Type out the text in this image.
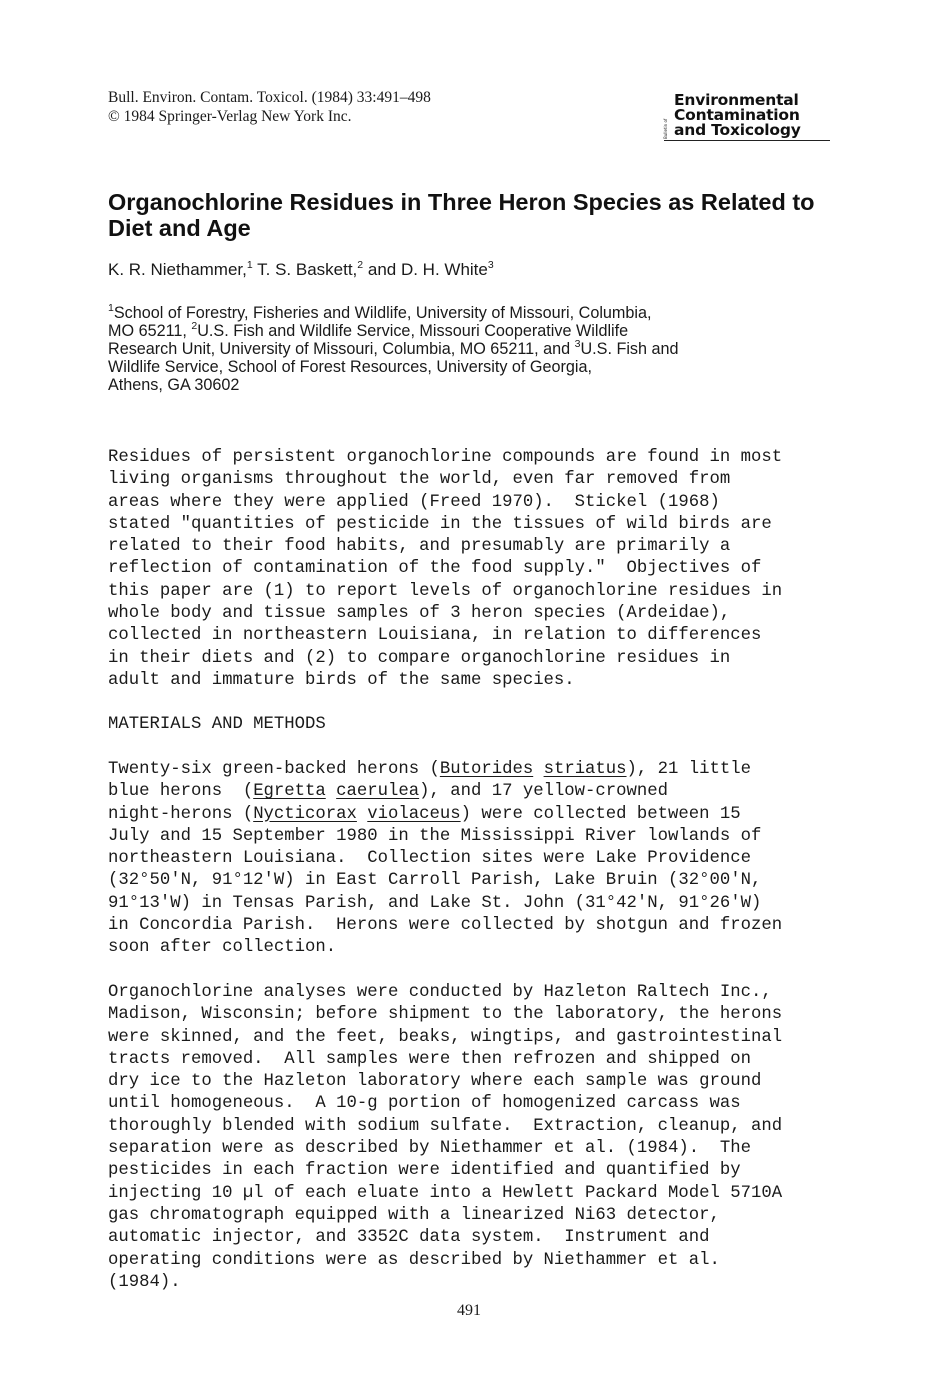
Bull. Environ. Contam. Toxicol. (1984) 33:491–498
© 1984 Springer-Verlag New York Inc.
Bulletin of
Environmental
Contamination
and Toxicology
Organochlorine Residues in Three Heron Species as Related to Diet and Age
K. R. Niethammer,$^1$ T. S. Baskett,$^2$ and D. H. White$^3$
$^1$School of Forestry, Fisheries and Wildlife, University of Missouri, Columbia,
MO 65211, $^2$U.S. Fish and Wildlife Service, Missouri Cooperative Wildlife
Research Unit, University of Missouri, Columbia, MO 65211, and $^3$U.S. Fish and
Wildlife Service, School of Forest Resources, University of Georgia,
Athens, GA 30602
Residues of persistent organochlorine compounds are found in most
living organisms throughout the world, even far removed from
areas where they were applied (Freed 1970).  Stickel (1968)
stated "quantities of pesticide in the tissues of wild birds are
related to their food habits, and presumably are primarily a
reflection of contamination of the food supply."  Objectives of
this paper are (1) to report levels of organochlorine residues in
whole body and tissue samples of 3 heron species (Ardeidae),
collected in northeastern Louisiana, in relation to differences
in their diets and (2) to compare organochlorine residues in
adult and immature birds of the same species.
MATERIALS AND METHODS
Twenty-six green-backed herons (Butorides striatus), 21 little
blue herons  (Egretta caerulea), and 17 yellow-crowned
night-herons (Nycticorax violaceus) were collected between 15
July and 15 September 1980 in the Mississippi River lowlands of
northeastern Louisiana.  Collection sites were Lake Providence
(32°50'N, 91°12'W) in East Carroll Parish, Lake Bruin (32°00'N,
91°13'W) in Tensas Parish, and Lake St. John (31°42'N, 91°26'W)
in Concordia Parish.  Herons were collected by shotgun and frozen
soon after collection.
Organochlorine analyses were conducted by Hazleton Raltech Inc.,
Madison, Wisconsin; before shipment to the laboratory, the herons
were skinned, and the feet, beaks, wingtips, and gastrointestinal
tracts removed.  All samples were then refrozen and shipped on
dry ice to the Hazleton laboratory where each sample was ground
until homogeneous.  A 10-g portion of homogenized carcass was
thoroughly blended with sodium sulfate.  Extraction, cleanup, and
separation were as described by Niethammer et al. (1984).  The
pesticides in each fraction were identified and quantified by
injecting 10 µl of each eluate into a Hewlett Packard Model 5710A
gas chromatograph equipped with a linearized Ni63 detector,
automatic injector, and 3352C data system.  Instrument and
operating conditions were as described by Niethammer et al.
(1984).
491
